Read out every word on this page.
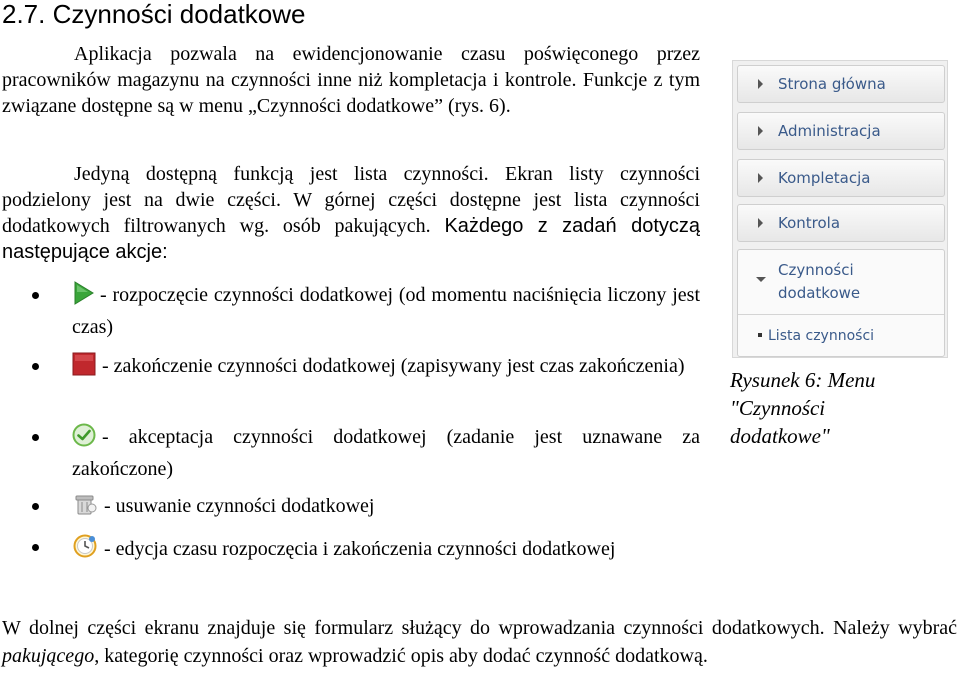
2.7. Czynności dodatkowe

Aplikacja pozwala na ewidencjonowanie czasu poświęconego przez pracowników magazynu na czynności inne niż kompletacja i kontrole. Funkcje z tym związane dostępne są w menu „Czynności dodatkowe” (rys. 6).

Jedyną dostępną funkcją jest lista czynności. Ekran listy czynności podzielony jest na dwie części. W górnej części dostępne jest lista czynności dodatkowych filtrowanych wg. osób pakujących. Każdego z zadań dotyczą następujące akcje:

- rozpoczęcie czynności dodatkowej (od momentu naciśnięcia liczony jest czas)
- zakończenie czynności dodatkowej (zapisywany jest czas zakończenia)
- akceptacja czynności dodatkowej (zadanie jest uznawane za zakończone)
- usuwanie czynności dodatkowej
- edycja czasu rozpoczęcia i zakończenia czynności dodatkowej
Strona główna
Administracja
Kompletacja
Kontrola
Czynności dodatkowe
Lista czynności
Rysunek 6: Menu "Czynności dodatkowe"

W dolnej części ekranu znajduje się formularz służący do wprowadzania czynności dodatkowych. Należy wybrać pakującego, kategorię czynności oraz wprowadzić opis aby dodać czynność dodatkową.
